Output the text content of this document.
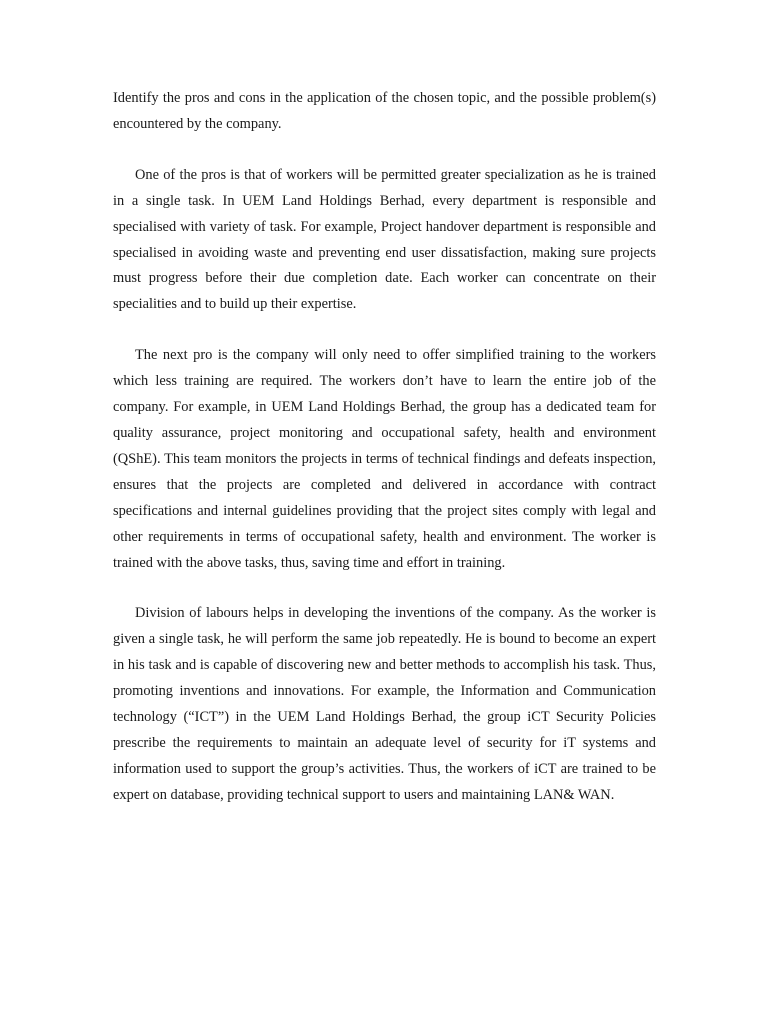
Identify the pros and cons in the application of the chosen topic, and the possible problem(s) encountered by the company.

One of the pros is that of workers will be permitted greater specialization as he is trained in a single task. In UEM Land Holdings Berhad, every department is responsible and specialised with variety of task. For example, Project handover department is responsible and specialised in avoiding waste and preventing end user dissatisfaction, making sure projects must progress before their due completion date. Each worker can concentrate on their specialities and to build up their expertise.

The next pro is the company will only need to offer simplified training to the workers which less training are required. The workers don’t have to learn the entire job of the company. For example, in UEM Land Holdings Berhad, the group has a dedicated team for quality assurance, project monitoring and occupational safety, health and environment (QShE). This team monitors the projects in terms of technical findings and defeats inspection, ensures that the projects are completed and delivered in accordance with contract specifications and internal guidelines providing that the project sites comply with legal and other requirements in terms of occupational safety, health and environment. The worker is trained with the above tasks, thus, saving time and effort in training.

Division of labours helps in developing the inventions of the company. As the worker is given a single task, he will perform the same job repeatedly. He is bound to become an expert in his task and is capable of discovering new and better methods to accomplish his task. Thus, promoting inventions and innovations. For example, the Information and Communication technology (“ICT”) in the UEM Land Holdings Berhad, the group iCT Security Policies prescribe the requirements to maintain an adequate level of security for iT systems and information used to support the group’s activities. Thus, the workers of iCT are trained to be expert on database, providing technical support to users and maintaining LAN& WAN.
